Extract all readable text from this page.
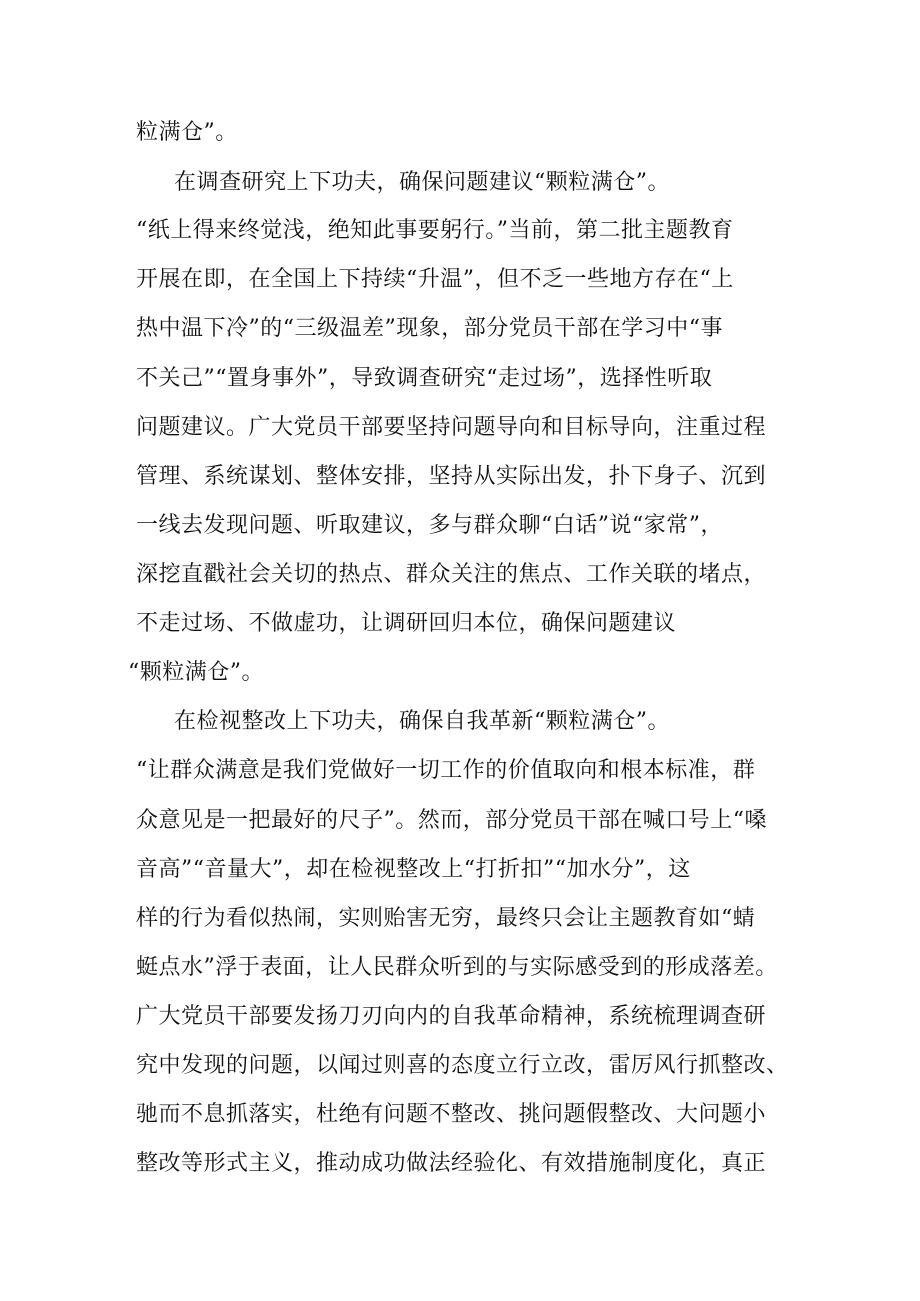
粒满仓”。
在调查研究上下功夫，确保问题建议“颗粒满仓”。
“纸上得来终觉浅，绝知此事要躬行。”当前，第二批主题教育
开展在即，在全国上下持续“升温”，但不乏一些地方存在“上
热中温下冷”的“三级温差”现象，部分党员干部在学习中“事
不关己”“置身事外”，导致调查研究“走过场”，选择性听取
问题建议。广大党员干部要坚持问题导向和目标导向，注重过程
管理、系统谋划、整体安排，坚持从实际出发，扑下身子、沉到
一线去发现问题、听取建议，多与群众聊“白话”说“家常”，
深挖直戳社会关切的热点、群众关注的焦点、工作关联的堵点，
不走过场、不做虚功，让调研回归本位，确保问题建议
“颗粒满仓”。
在检视整改上下功夫，确保自我革新“颗粒满仓”。
“让群众满意是我们党做好一切工作的价值取向和根本标准，群
众意见是一把最好的尺子”。然而，部分党员干部在喊口号上“嗓
音高”“音量大”，却在检视整改上“打折扣”“加水分”，这
样的行为看似热闹，实则贻害无穷，最终只会让主题教育如“蜻
蜓点水”浮于表面，让人民群众听到的与实际感受到的形成落差。
广大党员干部要发扬刀刃向内的自我革命精神，系统梳理调查研
究中发现的问题，以闻过则喜的态度立行立改，雷厉风行抓整改、
驰而不息抓落实，杜绝有问题不整改、挑问题假整改、大问题小
整改等形式主义，推动成功做法经验化、有效措施制度化，真正
